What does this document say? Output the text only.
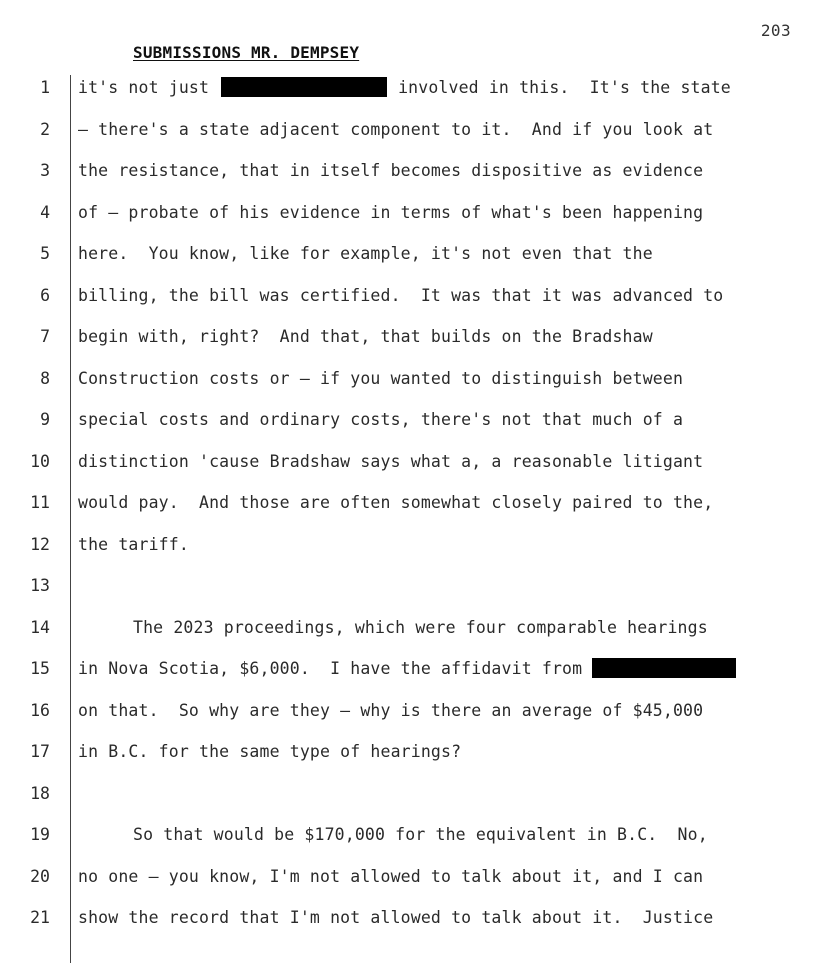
203
SUBMISSIONS MR. DEMPSEY
1 it's not just	involved in this.  It's the state
2 — there's a state adjacent component to it.  And if you look at
3 the resistance, that in itself becomes dispositive as evidence
4 of — probate of his evidence in terms of what's been happening
5 here.  You know, like for example, it's not even that the
6 billing, the bill was certified.  It was that it was advanced to
7 begin with, right?  And that, that builds on the Bradshaw
8 Construction costs or — if you wanted to distinguish between
9 special costs and ordinary costs, there's not that much of a
10 distinction 'cause Bradshaw says what a, a reasonable litigant
11 would pay.  And those are often somewhat closely paired to the,
12 the tariff.
13
14	The 2023 proceedings, which were four comparable hearings
15 in Nova Scotia, $6,000.  I have the affidavit from
16 on that.  So why are they — why is there an average of $45,000
17 in B.C. for the same type of hearings?
18
19	So that would be $170,000 for the equivalent in B.C.  No,
20 no one — you know, I'm not allowed to talk about it, and I can
21 show the record that I'm not allowed to talk about it.  Justice
